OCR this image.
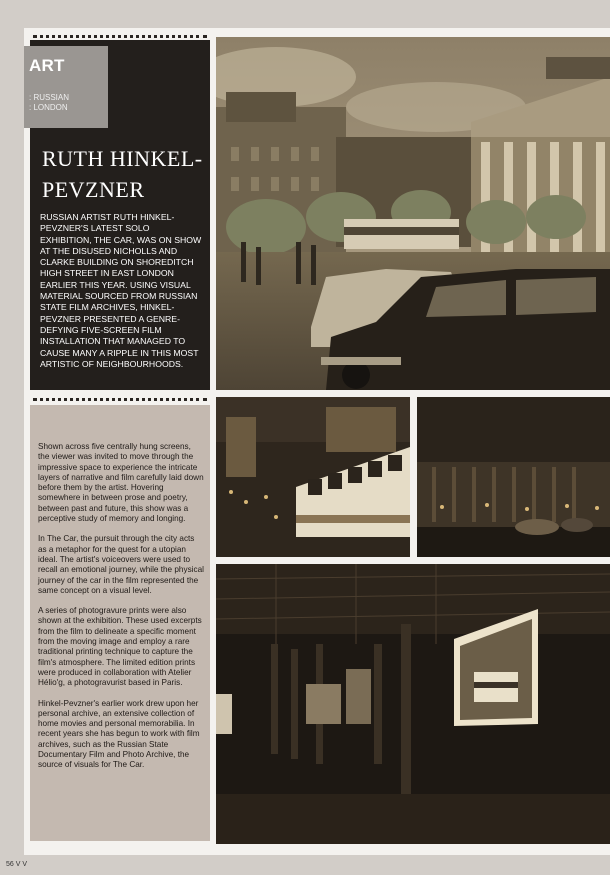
ART
: RUSSIAN
: LONDON
RUTH HINKEL-
PEVZNER
RUSSIAN ARTIST RUTH HINKEL-PEVZNER'S LATEST SOLO EXHIBITION, THE CAR, WAS ON SHOW AT THE DISUSED NICHOLLS AND CLARKE BUILDING ON SHOREDITCH HIGH STREET IN EAST LONDON EARLIER THIS YEAR. USING VISUAL MATERIAL SOURCED FROM RUSSIAN STATE FILM ARCHIVES, HINKEL-PEVZNER PRESENTED A GENRE-DEFYING FIVE-SCREEN FILM INSTALLATION THAT MANAGED TO CAUSE MANY A RIPPLE IN THIS MOST ARTISTIC OF NEIGHBOURHOODS.

Shown across five centrally hung screens, the viewer was invited to move through the impressive space to experience the intricate layers of narrative and film carefully laid down before them by the artist. Hovering somewhere in between prose and poetry, between past and future, this show was a perceptive study of memory and longing.

In The Car, the pursuit through the city acts as a metaphor for the quest for a utopian ideal. The artist's voiceovers were used to recall an emotional journey, while the physical journey of the car in the film represented the same concept on a visual level.

A series of photogravure prints were also shown at the exhibition. These used excerpts from the film to delineate a specific moment from the moving image and employ a rare traditional printing technique to capture the film's atmosphere. The limited edition prints were produced in collaboration with Atelier Hélio'g, a photogravurist based in Paris.

Hinkel-Pevzner's earlier work drew upon her personal archive, an extensive collection of home movies and personal memorabilia. In recent years she has begun to work with film archives, such as the Russian State Documentary Film and Photo Archive, the source of visuals for The Car.

56 V V
